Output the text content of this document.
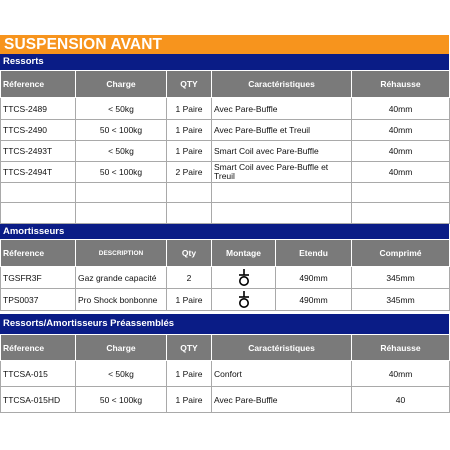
SUSPENSION AVANT
Ressorts
Réference	Charge	QTY	Caractéristiques	Réhausse
TTCS-2489	< 50kg	1 Paire	Avec Pare-Buffle	40mm
TTCS-2490	50 < 100kg	1 Paire	Avec Pare-Buffle et Treuil	40mm
TTCS-2493T	< 50kg	1 Paire	Smart Coil avec Pare-Buffle	40mm
TTCS-2494T	50 < 100kg	2 Paire	Smart Coil avec Pare-Buffle et Treuil	40mm

Amortisseurs
Réference	DESCRIPTION	Qty	Montage	Etendu	Comprimé
TGSFR3F	Gaz grande capacité	2		490mm	345mm
TPS0037	Pro Shock bonbonne	1 Paire		490mm	345mm
Ressorts/Amortisseurs Préassemblés
Réference	Charge	QTY	Caractéristiques	Réhausse
TTCSA-015	< 50kg	1 Paire	Confort	40mm
TTCSA-015HD	50 < 100kg	1 Paire	Avec Pare-Buffle	40
